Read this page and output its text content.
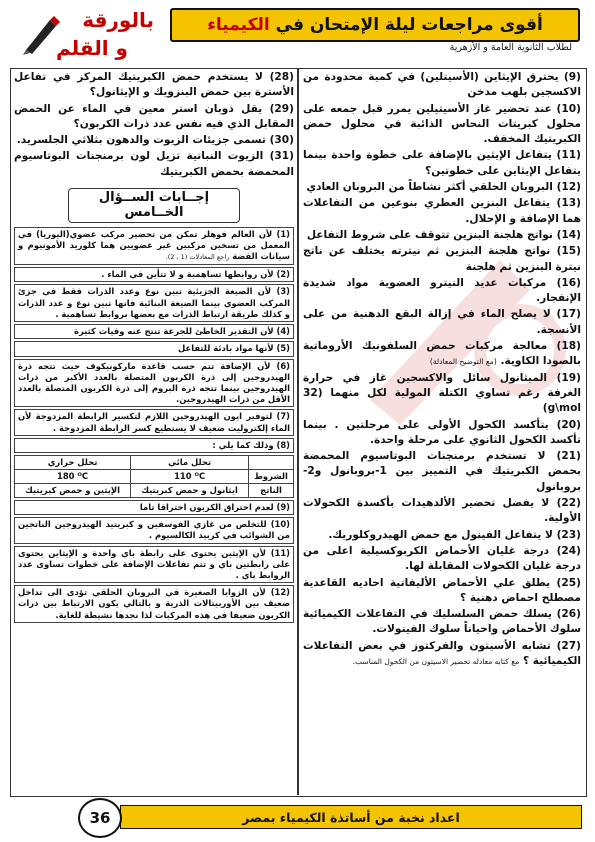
بالورقة
و القلم
أقوى مراجعات ليلة الإمتحان في
الكيمياء
لطلاب الثانوية العامة و الأزهرية
(9) يحترق الإيثاين (الأسيتلين) في كمية محدودة من الاكسجين بلهب مدخن
(10) عند تحضير غاز الأسيتيلين يمرر قبل جمعه على محلول كبريتات النحاس الذائبة في محلول حمض الكبريتيك المخفف.
(11) يتفاعل الإيثين بالإضافة على خطوة واحدة بينما يتفاعل الإيثاين على خطوتين؟
(12) البروبان الحلقي أكثر نشاطاً من البروبان العادي
(13) يتفاعل البنزين العطري بنوعين من التفاعلات هما الإضافة و الإحلال.
(14) نواتج هلجنة البنزين تتوقف على شروط التفاعل
(15) نواتج هلجنة البنزين ثم نيترته يختلف عن ناتج نيترة البنزين ثم هلجنة
(16) مركبات عديد النيترو العضوية مواد شديدة الإنفجار.
(17) لا يصلح الماء في إزالة البقع الدهنية من على الأنسجة.
(18) معالجة مركبات حمض السلفونيك الأروماتية بالصودا الكاوية. (مع التوضيح المعادلة)
(19) الميثانول سائل والاكسجين غاز في حرارة الغرفة رغم تساوي الكتلة المولية لكل منهما (32 g\mol)
(20) يتأكسد الكحول الأولى على مرحلتين . بينما تأكسد الكحول الثانوي على مرحلة واحدة.
(21) لا تستخدم برمنجنات البوتاسيوم المحمضة بحمض الكبريتيك في التمييز بين 1-بروبانول و2-بروبانول
(22) لا يفضل تحضير الألدهيدات بأكسدة الكحولات الأولية.
(23) لا يتفاعل الفينول مع حمض الهيدروكلوريك.
(24) درجة غليان الأحماض الكربوكسيلية اعلى من درجة غليان الكحولات المقابلة لها.
(25) يطلق علي الأحماض الأليفاتية احاديه القاعدية مصطلح احماض دهنية ؟
(26) يسلك حمض السلسليك في التفاعلات الكيميائية سلوك الأحماض واحياناً سلوك الفينولات.
(27) تشابه الأسيتون والفركتوز في بعض التفاعلات الكيميائية ؟ مع كتابه معادله تحضير الاسيتون من الكحول المناسب.
(28) لا يستخدم حمض الكبريتيك المركز في تفاعل الأسترة بين حمض البنزويك و الإيثانول؟
(29) يقل ذوبان استر معين في الماء عن الحمض المقابل الذي فيه نفس عدد ذرات الكربون؟
(30) تسمى جزيئات الزيوت والدهون بثلاثي الجلسريد.
(31) الزيوت النباتية تزيل لون برمنجنات البوتاسيوم المحمضة بحمض الكبريتيك
إجــابات الســؤال الخــامس
(1) لأن العالم فوهلر تمكن من تحضير مركب عضوي(اليوريا) في المعمل من تسخين مركبين غير عضويين هما كلوريد الأمونيوم و سيانات الفضة راجع المعادلات (1 ، 2).
(2) لأن روابطها تساهمية و لا تتأين في الماء .
(3) لأن الصيغة الجزيئية تبين نوع وعدد الذرات فقط في جزئ المركب العضوي بينما الصيغة البنائية فانها تبين نوع و عدد الذرات و كذلك طريقة ارتباط الذرات مع بعضها بروابط تساهمية .
(4) لأن التقدير الخاطئ للجرعة تنتج عنه وفيات كثيرة
(5) لأنها مواد بادئة للتفاعل
(6) لأن الإضافة تتم حسب قاعدة ماركونيكوف حيث تتجه ذرة الهيدروجين إلى ذرة الكربون المتصلة بالعدد الأكبر من ذرات الهيدروجين بينما تتجه ذرة البروم إلى ذرة الكربون المتصلة بالعدد الأقل من ذرات الهيدروجين.
(7) لتوفير ايون الهيدروجين اللازم لتكسير الرابطة المزدوجة لأن الماء إلكتروليت ضعيف لا يستطيع كسر الرابطة المزدوجة .
(8) وذلك كما يلي :
	تحلل مائي	تحلل حراري
الشروط	110 ᴼC	180 ᴼC
الناتج	ايثانول و حمض كبريتيك	الإيثين و حمض كبريتيك
(9) لعدم احتراق الكربون احتراقا تاما
(10) للتخلص من غازي الفوسفين و كبريتيد الهيدروجين الناتجين من الشوائب في كربيد الكالسيوم .
(11) لأن الإيثين يحتوى على رابطة باي واحدة و الإيثاين يحتوى على رابطتين باي و تتم تفاعلات الإضافة على خطوات تساوى عدد الروابط باي .
(12) لأن الزوايا الصغيرة في البروبان الحلقي تؤدى الى تداخل ضعيف بين الأوربيتالات الذرية و بالتالي يكون الارتباط بين ذرات الكربون ضعيفا في هذه المركبات لذا نجدها نشيطة للغاية.
اعداد نخبة من أساتذة الكيمياء بمصر
36
